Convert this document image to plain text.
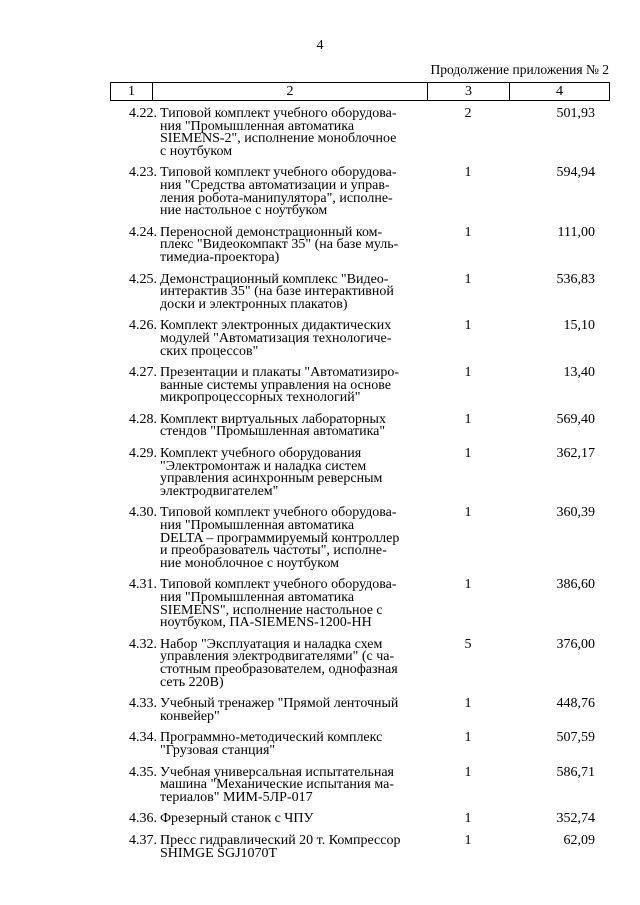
4
Продолжение приложения № 2
1	2	3	4
4.22. Типовой комплект учебного оборудова-
ния "Промышленная автоматика
SIEMENS-2", исполнение моноблочное
с ноутбуком
2	501,93
4.23. Типовой комплект учебного оборудова-
ния "Средства автоматизации и управ-
ления робота-манипулятора", исполне-
ние настольное с ноутбуком
1	594,94
4.24. Переносной демонстрационный ком-
плекс "Видеокомпакт 35" (на базе муль-
тимедиа-проектора)
1	111,00
4.25. Демонстрационный комплекс "Видео-
интерактив 35" (на базе интерактивной
доски и электронных плакатов)
1	536,83
4.26. Комплект электронных дидактических
модулей "Автоматизация технологиче-
ских процессов"
1	15,10
4.27. Презентации и плакаты "Автоматизиро-
ванные системы управления на основе
микропроцессорных технологий"
1	13,40
4.28. Комплект виртуальных лабораторных
стендов "Промышленная автоматика"
1	569,40
4.29. Комплект учебного оборудования
"Электромонтаж и наладка систем
управления асинхронным реверсным
электродвигателем"
1	362,17
4.30. Типовой комплект учебного оборудова-
ния "Промышленная автоматика
DELTA – программируемый контроллер
и преобразователь частоты", исполне-
ние моноблочное с ноутбуком
1	360,39
4.31. Типовой комплект учебного оборудова-
ния "Промышленная автоматика
SIEMENS", исполнение настольное с
ноутбуком, ПА-SIEMENS-1200-НН
1	386,60
4.32. Набор "Эксплуатация и наладка схем
управления электродвигателями" (с ча-
стотным преобразователем, однофазная
сеть 220В)
5	376,00
4.33. Учебный тренажер "Прямой ленточный
конвейер"
1	448,76
4.34. Программно-методический комплекс
"Грузовая станция"
1	507,59
4.35. Учебная универсальная испытательная
машина "Механические испытания ма-
териалов" МИМ-5ЛР-017
1	586,71
4.36. Фрезерный станок с ЧПУ	1	352,74
4.37. Пресс гидравлический 20 т. Компрессор
SHIMGE SGJ1070T
1	62,09
